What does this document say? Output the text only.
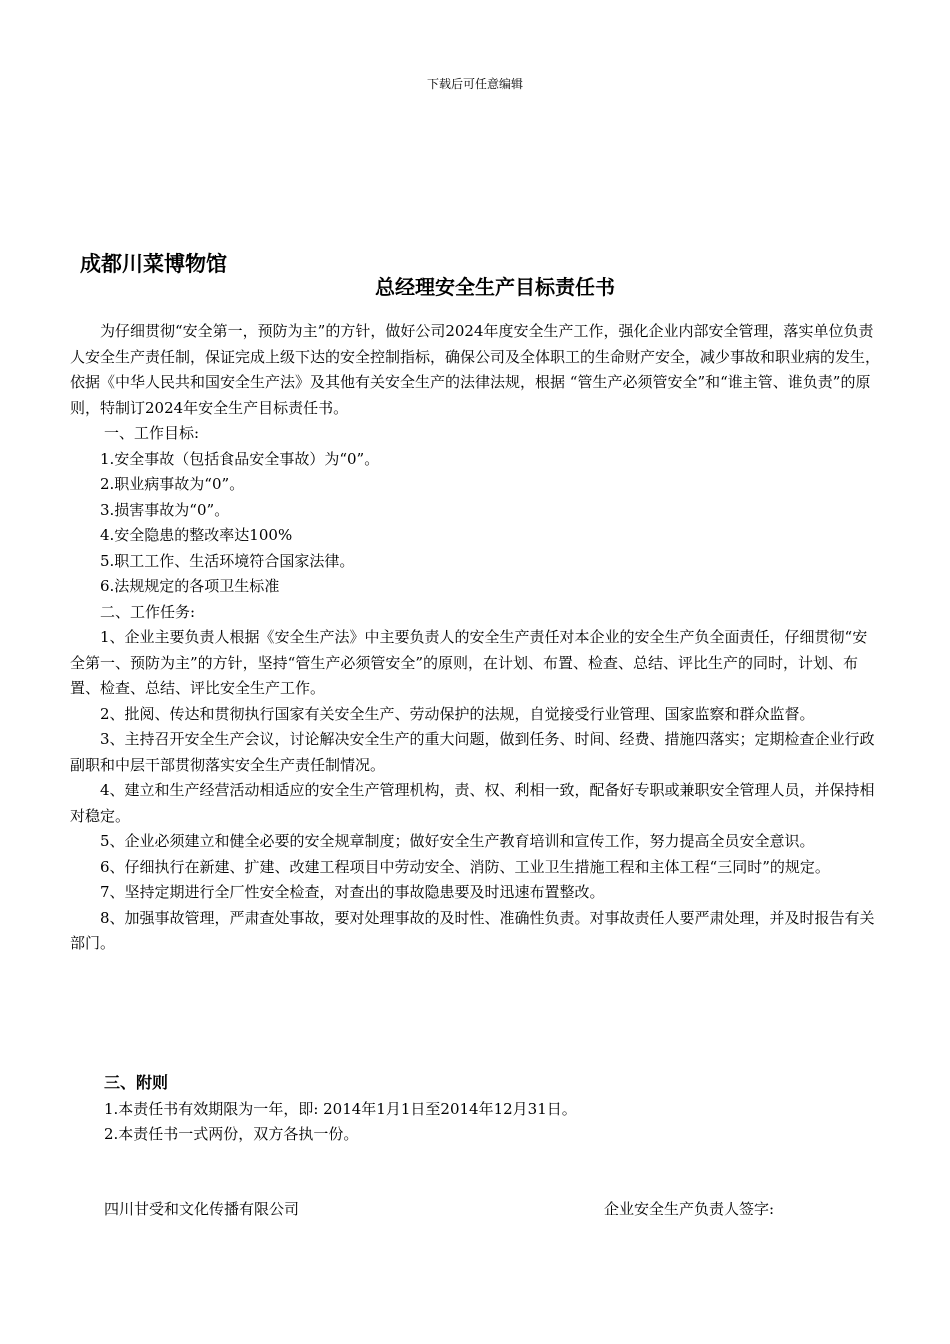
下载后可任意编辑
成都川菜博物馆
总经理安全生产目标责任书

为仔细贯彻“安全第一，预防为主”的方针，做好公司2024年度安全生产工作，强化企业内部安全管理，落实单位负责人安全生产责任制，保证完成上级下达的安全控制指标，确保公司及全体职工的生命财产安全，减少事故和职业病的发生，依据《中华人民共和国安全生产法》及其他有关安全生产的法律法规，根据 “管生产必须管安全”和“谁主管、谁负责”的原则，特制订2024年安全生产目标责任书。

一、工作目标:

1.安全事故（包括食品安全事故）为“0”。

2.职业病事故为“0”。

3.损害事故为“0”。

4.安全隐患的整改率达100%

5.职工工作、生活环境符合国家法律。

6.法规规定的各项卫生标准

二、工作任务:

1、企业主要负责人根据《安全生产法》中主要负责人的安全生产责任对本企业的安全生产负全面责任，仔细贯彻“安全第一、预防为主”的方针，坚持“管生产必须管安全”的原则，在计划、布置、检查、总结、评比生产的同时，计划、布置、检查、总结、评比安全生产工作。

2、批阅、传达和贯彻执行国家有关安全生产、劳动保护的法规，自觉接受行业管理、国家监察和群众监督。

3、主持召开安全生产会议，讨论解决安全生产的重大问题，做到任务、时间、经费、措施四落实；定期检查企业行政副职和中层干部贯彻落实安全生产责任制情况。

4、建立和生产经营活动相适应的安全生产管理机构，责、权、利相一致，配备好专职或兼职安全管理人员，并保持相对稳定。

5、企业必须建立和健全必要的安全规章制度；做好安全生产教育培训和宣传工作，努力提高全员安全意识。

6、仔细执行在新建、扩建、改建工程项目中劳动安全、消防、工业卫生措施工程和主体工程“三同时”的规定。

7、坚持定期进行全厂性安全检查，对查出的事故隐患要及时迅速布置整改。

8、加强事故管理，严肃查处事故，要对处理事故的及时性、准确性负责。对事故责任人要严肃处理，并及时报告有关部门。

三、附则

1.本责任书有效期限为一年，即: 2014年1月1日至2014年12月31日。

2.本责任书一式两份，双方各执一份。

四川甘受和文化传播有限公司	企业安全生产负责人签字:
